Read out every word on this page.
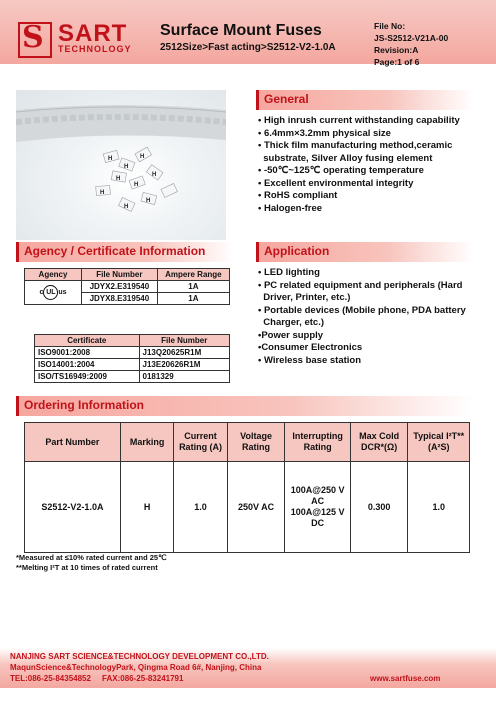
S SART
TECHNOLOGY
Surface Mount Fuses
2512Size>Fast acting>S2512-V2-1.0A
File No:
JS-S2512-V21A-00
Revision:A
Page:1 of 6
H
H
H
H
H
H
H
H
H
General
• High inrush current withstanding capability
• 6.4mm×3.2mm physical size
• Thick film manufacturing method,ceramic
substrate, Silver Alloy fusing element
• -50℃~125℃ operating temperature
• Excellent environmental integrity
• RoHS compliant
• Halogen-free
Agency / Certificate Information
Agency	File Number	Ampere Range
c UL us	JDYX2.E319540	1A
	JDYX8.E319540	1A
Certificate	File Number
ISO9001:2008	J13Q20625R1M
ISO14001:2004	J13E20626R1M
ISO/TS16949:2009	0181329
Application
• LED lighting
• PC related equipment and peripherals (Hard
Driver, Printer, etc.)
• Portable devices (Mobile phone, PDA battery
Charger, etc.)
•Power supply
•Consumer Electronics
• Wireless base station
Ordering Information
Part Number	Marking	Current Rating (A)	Voltage Rating	Interrupting Rating	Max Cold DCR*(Ω)	Typical I²T** (A²S)
S2512-V2-1.0A	H	1.0	250V AC	100A@250 V AC 100A@125 V DC	0.300	1.0
*Measured at ≤10% rated current and 25℃
**Melting I²T at 10 times of rated current
NANJING SART SCIENCE&TECHNOLOGY DEVELOPMENT CO.,LTD.
MaqunScience&TechnologyPark, Qingma Road 6#, Nanjing, China
TEL:086-25-84354852     FAX:086-25-83241791	www.sartfuse.com
